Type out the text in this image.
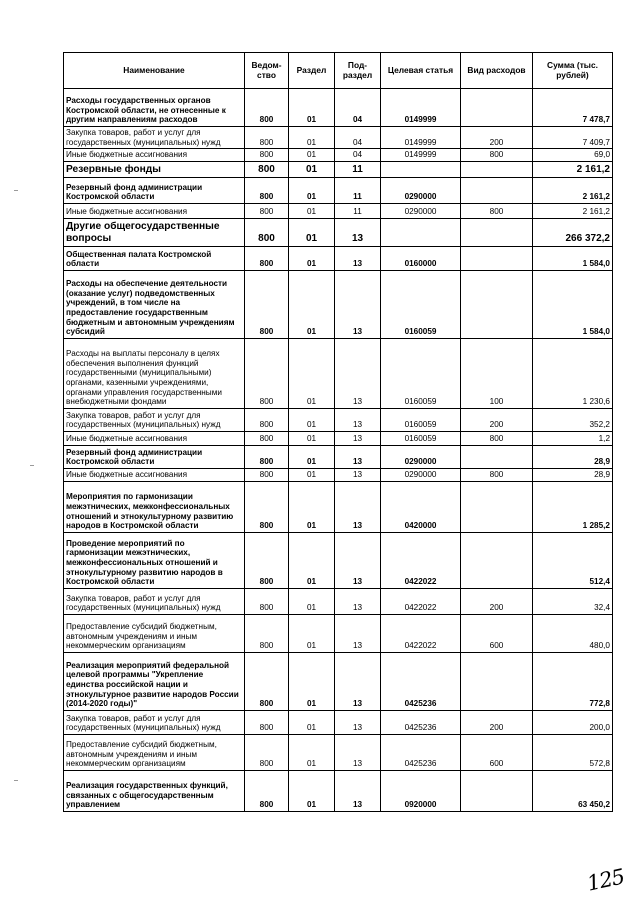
Наименование	Ведом-ство	Раздел	Под-раздел	Целевая статья	Вид расходов	Сумма (тыс. рублей)
Расходы государственных органов Костромской области, не отнесенные к другим направлениям расходов	800	01	04	0149999		7 478,7
Закупка товаров, работ и услуг для государственных (муниципальных) нужд	800	01	04	0149999	200	7 409,7
Иные бюджетные ассигнования	800	01	04	0149999	800	69,0
Резервные фонды	800	01	11			2 161,2
Резервный фонд администрации Костромской области	800	01	11	0290000		2 161,2
Иные бюджетные ассигнования	800	01	11	0290000	800	2 161,2
Другие общегосударственные вопросы	800	01	13			266 372,2
Общественная палата Костромской области	800	01	13	0160000		1 584,0
Расходы на обеспечение деятельности (оказание услуг) подведомственных учреждений, в том числе на предоставление государственным бюджетным и автономным учреждениям субсидий	800	01	13	0160059		1 584,0
Расходы на выплаты персоналу в целях обеспечения выполнения функций государственными (муниципальными) органами, казенными учреждениями, органами управления государственными внебюджетными фондами	800	01	13	0160059	100	1 230,6
Закупка товаров, работ и услуг для государственных (муниципальных) нужд	800	01	13	0160059	200	352,2
Иные бюджетные ассигнования	800	01	13	0160059	800	1,2
Резервный фонд администрации Костромской области	800	01	13	0290000		28,9
Иные бюджетные ассигнования	800	01	13	0290000	800	28,9
Мероприятия по гармонизации межэтнических, межконфессиональных отношений и этнокультурному развитию народов в Костромской области	800	01	13	0420000		1 285,2
Проведение мероприятий по гармонизации межэтнических, межконфессиональных отношений и этнокультурному развитию народов в Костромской области	800	01	13	0422022		512,4
Закупка товаров, работ и услуг для государственных (муниципальных) нужд	800	01	13	0422022	200	32,4
Предоставление субсидий бюджетным, автономным учреждениям и иным некоммерческим организациям	800	01	13	0422022	600	480,0
Реализация мероприятий федеральной целевой программы "Укрепление единства российской нации и этнокультурное развитие народов России (2014-2020 годы)"	800	01	13	0425236		772,8
Закупка товаров, работ и услуг для государственных (муниципальных) нужд	800	01	13	0425236	200	200,0
Предоставление субсидий бюджетным, автономным учреждениям и иным некоммерческим организациям	800	01	13	0425236	600	572,8
Реализация государственных функций, связанных с общегосударственным управлением	800	01	13	0920000		63 450,2
125
